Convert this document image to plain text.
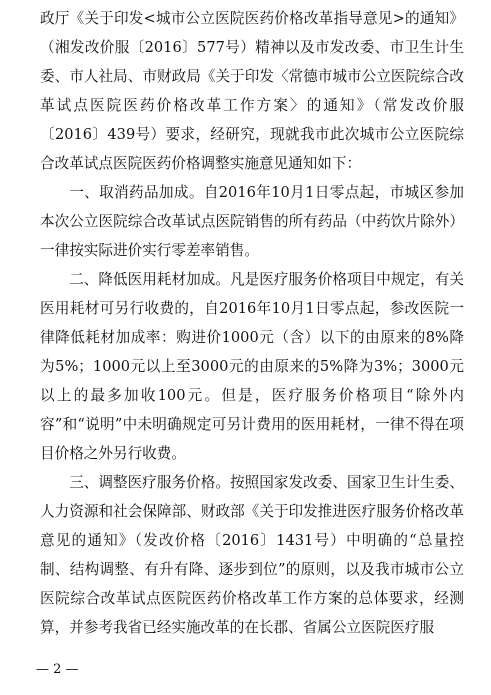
政厅《关于印发<城市公立医院医药价格改革指导意见>的通知》（湘发改价服〔2016〕577号）精神以及市发改委、市卫生计生委、市人社局、市财政局《关于印发〈常德市城市公立医院综合改革试点医院医药价格改革工作方案〉的通知》（常发改价服〔2016〕439号）要求，经研究，现就我市此次城市公立医院综合改革试点医院医药价格调整实施意见通知如下：

一、取消药品加成。自2016年10月1日零点起，市城区参加本次公立医院综合改革试点医院销售的所有药品（中药饮片除外）一律按实际进价实行零差率销售。

二、降低医用耗材加成。凡是医疗服务价格项目中规定，有关医用耗材可另行收费的，自2016年10月1日零点起，参改医院一律降低耗材加成率：购进价1000元（含）以下的由原来的8%降为5%；1000元以上至3000元的由原来的5%降为3%；3000元以上的最多加收100元。但是，医疗服务价格项目“除外内容”和“说明”中未明确规定可另计费用的医用耗材，一律不得在项目价格之外另行收费。

三、调整医疗服务价格。按照国家发改委、国家卫生计生委、人力资源和社会保障部、财政部《关于印发推进医疗服务价格改革意见的通知》（发改价格〔2016〕1431号）中明确的“总量控制、结构调整、有升有降、逐步到位”的原则，以及我市城市公立医院综合改革试点医院医药价格改革工作方案的总体要求，经测算，并参考我省已经实施改革的在长郡、省属公立医院医疗服

— 2 —
